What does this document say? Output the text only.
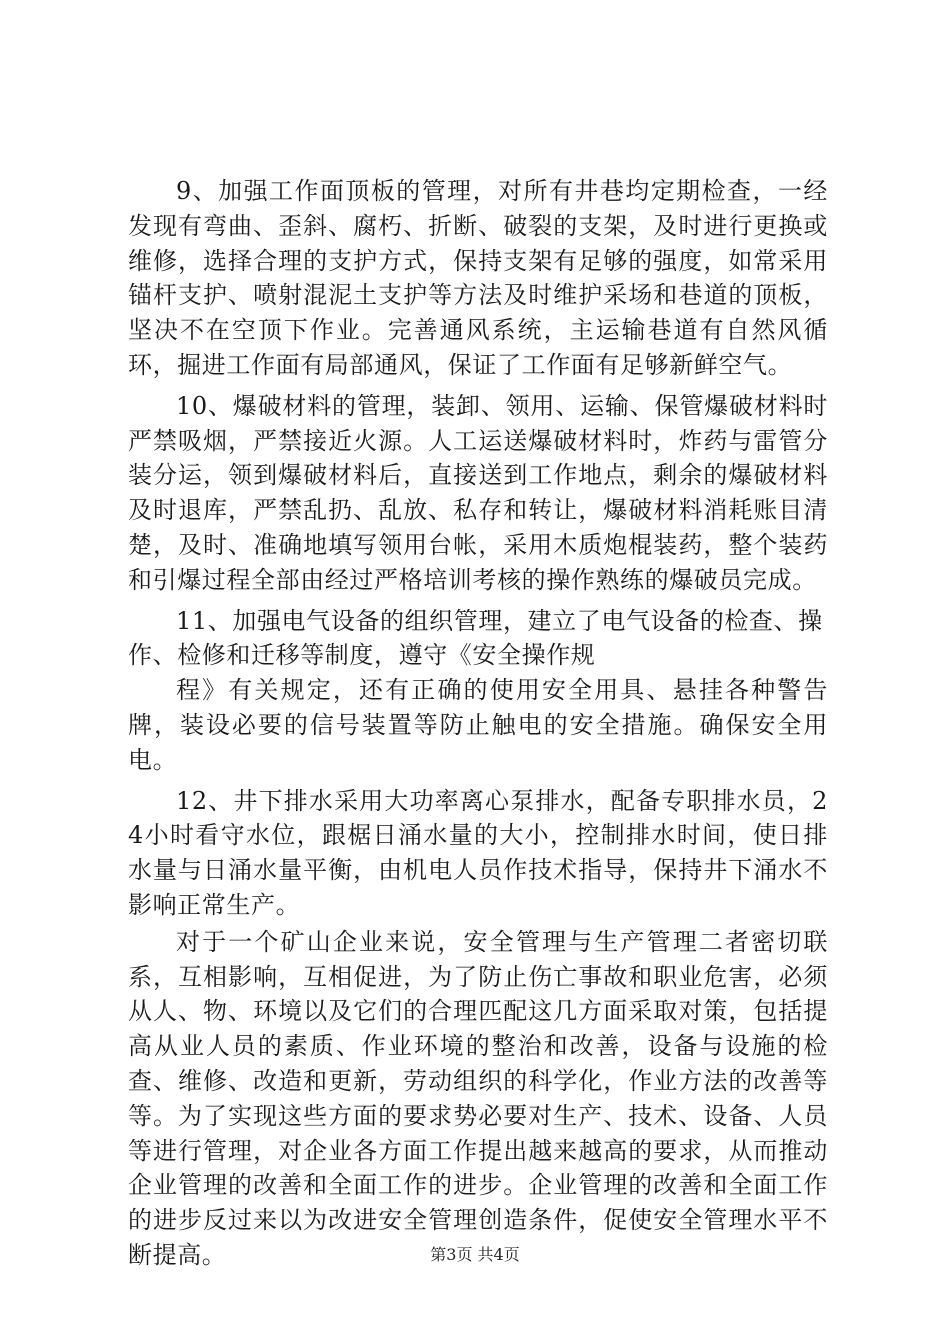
9、加强工作面顶板的管理，对所有井巷均定期检查，一经发现有弯曲、歪斜、腐朽、折断、破裂的支架，及时进行更换或维修，选择合理的支护方式，保持支架有足够的强度，如常采用锚杆支护、喷射混泥土支护等方法及时维护采场和巷道的顶板，坚决不在空顶下作业。完善通风系统，主运输巷道有自然风循环，掘进工作面有局部通风，保证了工作面有足够新鲜空气。

10、爆破材料的管理，装卸、领用、运输、保管爆破材料时严禁吸烟，严禁接近火源。人工运送爆破材料时，炸药与雷管分装分运，领到爆破材料后，直接送到工作地点，剩余的爆破材料及时退库，严禁乱扔、乱放、私存和转让，爆破材料消耗账目清楚，及时、准确地填写领用台帐，采用木质炮棍装药，整个装药和引爆过程全部由经过严格培训考核的操作熟练的爆破员完成。

11、加强电气设备的组织管理，建立了电气设备的检查、操作、检修和迁移等制度，遵守《安全操作规

程》有关规定，还有正确的使用安全用具、悬挂各种警告牌，装设必要的信号装置等防止触电的安全措施。确保安全用电。

12、井下排水采用大功率离心泵排水，配备专职排水员，24小时看守水位，跟椐日涌水量的大小，控制排水时间，使日排水量与日涌水量平衡，由机电人员作技术指导，保持井下涌水不影响正常生产。

对于一个矿山企业来说，安全管理与生产管理二者密切联系，互相影响，互相促进，为了防止伤亡事故和职业危害，必须从人、物、环境以及它们的合理匹配这几方面采取对策，包括提高从业人员的素质、作业环境的整治和改善，设备与设施的检查、维修、改造和更新，劳动组织的科学化，作业方法的改善等等。为了实现这些方面的要求势必要对生产、技术、设备、人员等进行管理，对企业各方面工作提出越来越高的要求，从而推动企业管理的改善和全面工作的进步。企业管理的改善和全面工作的进步反过来以为改进安全管理创造条件，促使安全管理水平不断提高。	第3页 共4页
